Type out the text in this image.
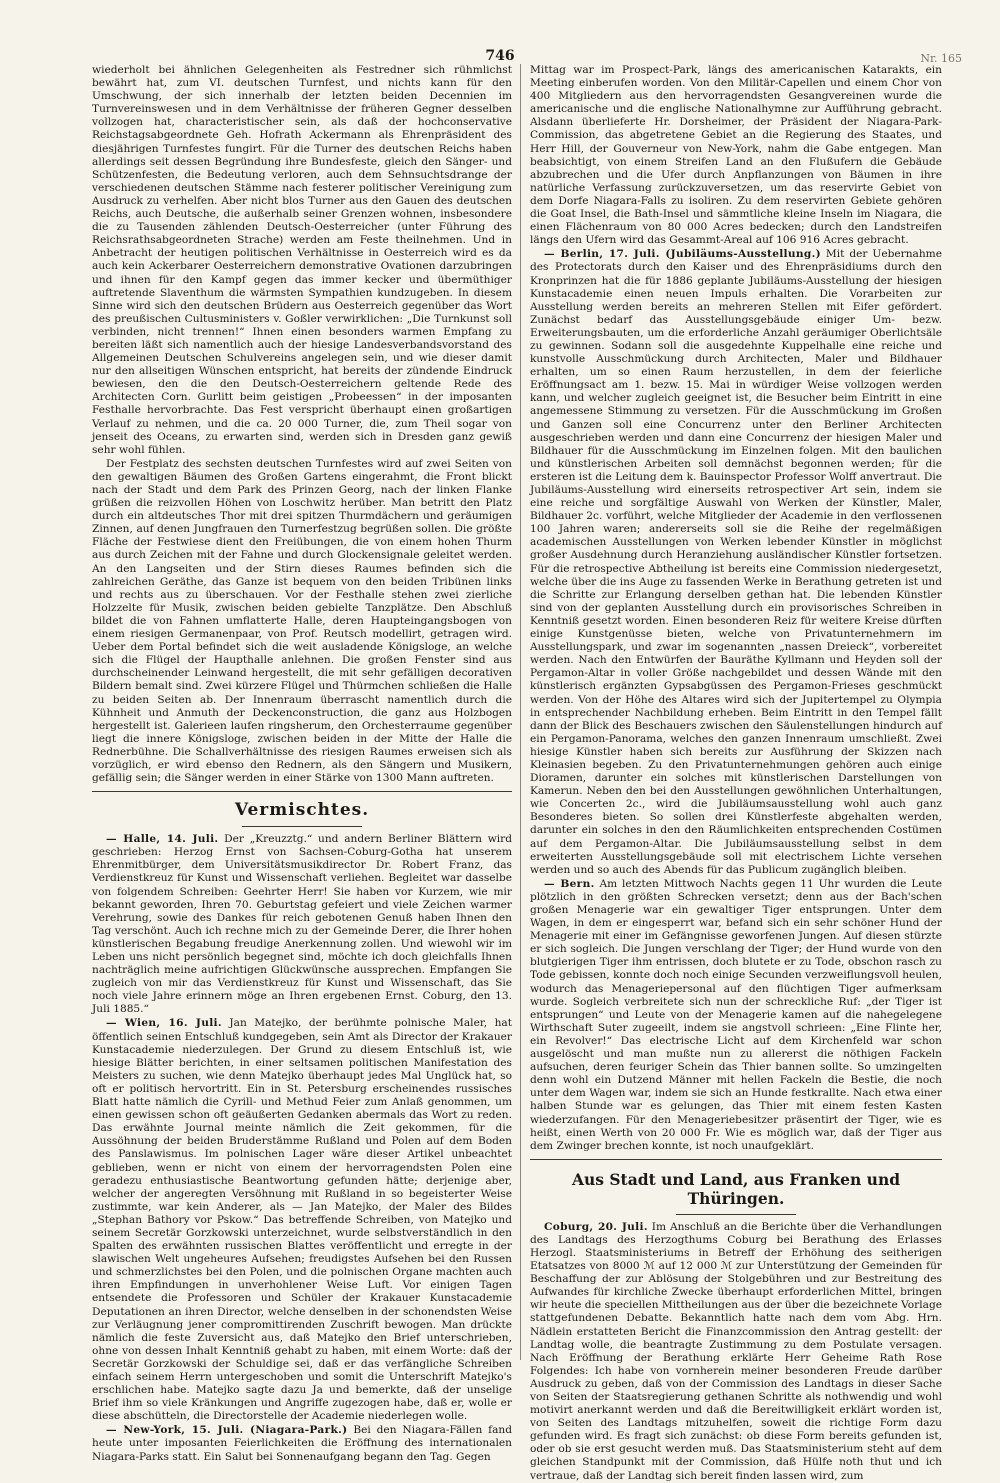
746	Nr. 165

wiederholt bei ähnlichen Gelegenheiten als Festredner sich rühmlichst bewährt hat, zum VI. deutschen Turnfest, und nichts kann für den Umschwung, der sich innerhalb der letzten beiden Decennien im Turnvereinswesen und in dem Verhältnisse der früheren Gegner desselben vollzogen hat, characteristischer sein, als daß der hochconservative Reichstagsabgeordnete Geh. Hofrath Ackermann als Ehrenpräsident des diesjährigen Turnfestes fungirt. Für die Turner des deutschen Reichs haben allerdings seit dessen Begründung ihre Bundesfeste, gleich den Sänger- und Schützenfesten, die Bedeutung verloren, auch dem Sehnsuchtsdrange der verschiedenen deutschen Stämme nach festerer politischer Vereinigung zum Ausdruck zu verhelfen. Aber nicht blos Turner aus den Gauen des deutschen Reichs, auch Deutsche, die außerhalb seiner Grenzen wohnen, insbesondere die zu Tausenden zählenden Deutsch-Oesterreicher (unter Führung des Reichsrathsabgeordneten Strache) werden am Feste theilnehmen. Und in Anbetracht der heutigen politischen Verhältnisse in Oesterreich wird es da auch kein Ackerbarer Oesterreichern demonstrative Ovationen darzubringen und ihnen für den Kampf gegen das immer kecker und übermüthiger auftretende Slaventhum die wärmsten Sympathien kundzugeben. In diesem Sinne wird sich den deutschen Brüdern aus Oesterreich gegenüber das Wort des preußischen Cultusministers v. Goßler verwirklichen: „Die Turnkunst soll verbinden, nicht trennen!“ Ihnen einen besonders warmen Empfang zu bereiten läßt sich namentlich auch der hiesige Landesverbandsvorstand des Allgemeinen Deutschen Schulvereins angelegen sein, und wie dieser damit nur den allseitigen Wünschen entspricht, hat bereits der zündende Eindruck bewiesen, den die den Deutsch-Oesterreichern geltende Rede des Architecten Corn. Gurlitt beim geistigen „Probeessen“ in der imposanten Festhalle hervorbrachte. Das Fest verspricht überhaupt einen großartigen Verlauf zu nehmen, und die ca. 20 000 Turner, die, zum Theil sogar von jenseit des Oceans, zu erwarten sind, werden sich in Dresden ganz gewiß sehr wohl fühlen.

Der Festplatz des sechsten deutschen Turnfestes wird auf zwei Seiten von den gewaltigen Bäumen des Großen Gartens eingerahmt, die Front blickt nach der Stadt und dem Park des Prinzen Georg, nach der linken Flanke grüßen die reizvollen Höhen von Loschwitz herüber. Man betritt den Platz durch ein altdeutsches Thor mit drei spitzen Thurmdächern und geräumigen Zinnen, auf denen Jungfrauen den Turnerfestzug begrüßen sollen. Die größte Fläche der Festwiese dient den Freiübungen, die von einem hohen Thurm aus durch Zeichen mit der Fahne und durch Glockensignale geleitet werden. An den Langseiten und der Stirn dieses Raumes befinden sich die zahlreichen Geräthe, das Ganze ist bequem von den beiden Tribünen links und rechts aus zu überschauen. Vor der Festhalle stehen zwei zierliche Holzzelte für Musik, zwischen beiden gebielte Tanzplätze. Den Abschluß bildet die von Fahnen umflatterte Halle, deren Haupteingangsbogen von einem riesigen Germanenpaar, von Prof. Reutsch modellirt, getragen wird. Ueber dem Portal befindet sich die weit ausladende Königsloge, an welche sich die Flügel der Haupthalle anlehnen. Die großen Fenster sind aus durchscheinender Leinwand hergestellt, die mit sehr gefälligen decorativen Bildern bemalt sind. Zwei kürzere Flügel und Thürmchen schließen die Halle zu beiden Seiten ab. Der Innenraum überrascht namentlich durch die Kühnheit und Anmuth der Deckenconstruction, die ganz aus Holzbogen hergestellt ist. Galerieen laufen ringsherum, den Orchesterraume gegenüber liegt die innere Königsloge, zwischen beiden in der Mitte der Halle die Rednerbühne. Die Schallverhältnisse des riesigen Raumes erweisen sich als vorzüglich, er wird ebenso den Rednern, als den Sängern und Musikern, gefällig sein; die Sänger werden in einer Stärke von 1300 Mann auftreten.

Vermischtes.

— Halle, 14. Juli. Der „Kreuzztg.“ und andern Berliner Blättern wird geschrieben: Herzog Ernst von Sachsen-Coburg-Gotha hat unserem Ehrenmitbürger, dem Universitätsmusikdirector Dr. Robert Franz, das Verdienstkreuz für Kunst und Wissenschaft verliehen. Begleitet war dasselbe von folgendem Schreiben: Geehrter Herr! Sie haben vor Kurzem, wie mir bekannt geworden, Ihren 70. Geburtstag gefeiert und viele Zeichen warmer Verehrung, sowie des Dankes für reich gebotenen Genuß haben Ihnen den Tag verschönt. Auch ich rechne mich zu der Gemeinde Derer, die Ihrer hohen künstlerischen Begabung freudige Anerkennung zollen. Und wiewohl wir im Leben uns nicht persönlich begegnet sind, möchte ich doch gleichfalls Ihnen nachträglich meine aufrichtigen Glückwünsche aussprechen. Empfangen Sie zugleich von mir das Verdienstkreuz für Kunst und Wissenschaft, das Sie noch viele Jahre erinnern möge an Ihren ergebenen Ernst. Coburg, den 13. Juli 1885.“

— Wien, 16. Juli. Jan Matejko, der berühmte polnische Maler, hat öffentlich seinen Entschluß kundgegeben, sein Amt als Director der Krakauer Kunstacademie niederzulegen. Der Grund zu diesem Entschluß ist, wie hiesige Blätter berichten, in einer seltsamen politischen Manifestation des Meisters zu suchen, wie denn Matejko überhaupt jedes Mal Unglück hat, so oft er politisch hervortritt. Ein in St. Petersburg erscheinendes russisches Blatt hatte nämlich die Cyrill- und Methud Feier zum Anlaß genommen, um einen gewissen schon oft geäußerten Gedanken abermals das Wort zu reden. Das erwähnte Journal meinte nämlich die Zeit gekommen, für die Aussöhnung der beiden Bruderstämme Rußland und Polen auf dem Boden des Panslawismus. Im polnischen Lager wäre dieser Artikel unbeachtet geblieben, wenn er nicht von einem der hervorragendsten Polen eine geradezu enthusiastische Beantwortung gefunden hätte; derjenige aber, welcher der angeregten Versöhnung mit Rußland in so begeisterter Weise zustimmte, war kein Anderer, als — Jan Matejko, der Maler des Bildes „Stephan Bathory vor Pskow.“ Das betreffende Schreiben, von Matejko und seinem Secretär Gorzkowski unterzeichnet, wurde selbstverständlich in den Spalten des erwähnten russischen Blattes veröffentlicht und erregte in der slawischen Welt ungeheures Aufsehen; freudigstes Aufsehen bei den Russen und schmerzlichstes bei den Polen, und die polnischen Organe machten auch ihren Empfindungen in unverhohlener Weise Luft. Vor einigen Tagen entsendete die Professoren und Schüler der Krakauer Kunstacademie Deputationen an ihren Director, welche denselben in der schonendsten Weise zur Verläugnung jener compromittirenden Zuschrift bewogen. Man drückte nämlich die feste Zuversicht aus, daß Matejko den Brief unterschrieben, ohne von dessen Inhalt Kenntniß gehabt zu haben, mit einem Worte: daß der Secretär Gorzkowski der Schuldige sei, daß er das verfängliche Schreiben einfach seinem Herrn untergeschoben und somit die Unterschrift Matejko's erschlichen habe. Matejko sagte dazu Ja und bemerkte, daß der unselige Brief ihm so viele Kränkungen und Angriffe zugezogen habe, daß er, wolle er diese abschütteln, die Directorstelle der Academie niederlegen wolle.

— New-York, 15. Juli. (Niagara-Park.) Bei den Niagara-Fällen fand heute unter imposanten Feierlichkeiten die Eröffnung des internationalen Niagara-Parks statt. Ein Salut bei Sonnenaufgang begann den Tag. Gegen

Mittag war im Prospect-Park, längs des americanischen Katarakts, ein Meeting einberufen worden. Von den Militär-Capellen und einem Chor von 400 Mitgliedern aus den hervorragendsten Gesangvereinen wurde die americanische und die englische Nationalhymne zur Aufführung gebracht. Alsdann überlieferte Hr. Dorsheimer, der Präsident der Niagara-Park-Commission, das abgetretene Gebiet an die Regierung des Staates, und Herr Hill, der Gouverneur von New-York, nahm die Gabe entgegen. Man beabsichtigt, von einem Streifen Land an den Flußufern die Gebäude abzubrechen und die Ufer durch Anpflanzungen von Bäumen in ihre natürliche Verfassung zurückzuversetzen, um das reservirte Gebiet von dem Dorfe Niagara-Falls zu isoliren. Zu dem reservirten Gebiete gehören die Goat Insel, die Bath-Insel und sämmtliche kleine Inseln im Niagara, die einen Flächenraum von 80 000 Acres bedecken; durch den Landstreifen längs den Ufern wird das Gesammt-Areal auf 106 916 Acres gebracht.

— Berlin, 17. Juli. (Jubiläums-Ausstellung.) Mit der Uebernahme des Protectorats durch den Kaiser und des Ehrenpräsidiums durch den Kronprinzen hat die für 1886 geplante Jubiläums-Ausstellung der hiesigen Kunstacademie einen neuen Impuls erhalten. Die Vorarbeiten zur Ausstellung werden bereits an mehreren Stellen mit Eifer gefördert. Zunächst bedarf das Ausstellungsgebäude einiger Um- bezw. Erweiterungsbauten, um die erforderliche Anzahl geräumiger Oberlichtsäle zu gewinnen. Sodann soll die ausgedehnte Kuppelhalle eine reiche und kunstvolle Ausschmückung durch Architecten, Maler und Bildhauer erhalten, um so einen Raum herzustellen, in dem der feierliche Eröffnungsact am 1. bezw. 15. Mai in würdiger Weise vollzogen werden kann, und welcher zugleich geeignet ist, die Besucher beim Eintritt in eine angemessene Stimmung zu versetzen. Für die Ausschmückung im Großen und Ganzen soll eine Concurrenz unter den Berliner Architecten ausgeschrieben werden und dann eine Concurrenz der hiesigen Maler und Bildhauer für die Ausschmückung im Einzelnen folgen. Mit den baulichen und künstlerischen Arbeiten soll demnächst begonnen werden; für die ersteren ist die Leitung dem k. Bauinspector Professor Wolff anvertraut. Die Jubiläums-Ausstellung wird einerseits retrospectiver Art sein, indem sie eine reiche und sorgfältige Auswahl von Werken der Künstler, Maler, Bildhauer 2c. vorführt, welche Mitglieder der Academie in den verflossenen 100 Jahren waren; andererseits soll sie die Reihe der regelmäßigen academischen Ausstellungen von Werken lebender Künstler in möglichst großer Ausdehnung durch Heranziehung ausländischer Künstler fortsetzen. Für die retrospective Abtheilung ist bereits eine Commission niedergesetzt, welche über die ins Auge zu fassenden Werke in Berathung getreten ist und die Schritte zur Erlangung derselben gethan hat. Die lebenden Künstler sind von der geplanten Ausstellung durch ein provisorisches Schreiben in Kenntniß gesetzt worden. Einen besonderen Reiz für weitere Kreise dürften einige Kunstgenüsse bieten, welche von Privatunternehmern im Ausstellungspark, und zwar im sogenannten „nassen Dreieck“, vorbereitet werden. Nach den Entwürfen der Bauräthe Kyllmann und Heyden soll der Pergamon-Altar in voller Größe nachgebildet und dessen Wände mit den künstlerisch ergänzten Gypsabgüssen des Pergamon-Frieses geschmückt werden. Von der Höhe des Altares wird sich der Jupitertempel zu Olympia in entsprechender Nachbildung erheben. Beim Eintritt in den Tempel fällt dann der Blick des Beschauers zwischen den Säulenstellungen hindurch auf ein Pergamon-Panorama, welches den ganzen Innenraum umschließt. Zwei hiesige Künstler haben sich bereits zur Ausführung der Skizzen nach Kleinasien begeben. Zu den Privatunternehmungen gehören auch einige Dioramen, darunter ein solches mit künstlerischen Darstellungen von Kamerun. Neben den bei den Ausstellungen gewöhnlichen Unterhaltungen, wie Concerten 2c., wird die Jubiläumsausstellung wohl auch ganz Besonderes bieten. So sollen drei Künstlerfeste abgehalten werden, darunter ein solches in den den Räumlichkeiten entsprechenden Costümen auf dem Pergamon-Altar. Die Jubiläumsausstellung selbst in dem erweiterten Ausstellungsgebäude soll mit electrischem Lichte versehen werden und so auch des Abends für das Publicum zugänglich bleiben.

— Bern. Am letzten Mittwoch Nachts gegen 11 Uhr wurden die Leute plötzlich in den größten Schrecken versetzt; denn aus der Bach'schen großen Menagerie war ein gewaltiger Tiger entsprungen. Unter dem Wagen, in dem er eingesperrt war, befand sich ein sehr schöner Hund der Menagerie mit einer im Gefängnisse geworfenen Jungen. Auf diesen stürzte er sich sogleich. Die Jungen verschlang der Tiger; der Hund wurde von den blutgierigen Tiger ihm entrissen, doch blutete er zu Tode, obschon rasch zu Tode gebissen, konnte doch noch einige Secunden verzweiflungsvoll heulen, wodurch das Menageriepersonal auf den flüchtigen Tiger aufmerksam wurde. Sogleich verbreitete sich nun der schreckliche Ruf: „der Tiger ist entsprungen“ und Leute von der Menagerie kamen auf die nahegelegene Wirthschaft Suter zugeeilt, indem sie angstvoll schrieen: „Eine Flinte her, ein Revolver!“ Das electrische Licht auf dem Kirchenfeld war schon ausgelöscht und man mußte nun zu allererst die nöthigen Fackeln aufsuchen, deren feuriger Schein das Thier bannen sollte. So umzingelten denn wohl ein Dutzend Männer mit hellen Fackeln die Bestie, die noch unter dem Wagen war, indem sie sich an Hunde festkrallte. Nach etwa einer halben Stunde war es gelungen, das Thier mit einem festen Kasten wiederzufangen. Für den Menageriebesitzer präsentirt der Tiger, wie es heißt, einen Werth von 20 000 Fr. Wie es möglich war, daß der Tiger aus dem Zwinger brechen konnte, ist noch unaufgeklärt.

Aus Stadt und Land, aus Franken und Thüringen.

Coburg, 20. Juli. Im Anschluß an die Berichte über die Verhandlungen des Landtags des Herzogthums Coburg bei Berathung des Erlasses Herzogl. Staatsministeriums in Betreff der Erhöhung des seitherigen Etatsatzes von 8000 ℳ auf 12 000 ℳ zur Unterstützung der Gemeinden für Beschaffung der zur Ablösung der Stolgebühren und zur Bestreitung des Aufwandes für kirchliche Zwecke überhaupt erforderlichen Mittel, bringen wir heute die speciellen Mittheilungen aus der über die bezeichnete Vorlage stattgefundenen Debatte. Bekanntlich hatte nach dem vom Abg. Hrn. Nädlein erstatteten Bericht die Finanzcommission den Antrag gestellt: der Landtag wolle, die beantragte Zustimmung zu dem Postulate versagen. Nach Eröffnung der Berathung erklärte Herr Geheime Rath Rose Folgendes: Ich habe von vornherein meiner besonderen Freude darüber Ausdruck zu geben, daß von der Commission des Landtags in dieser Sache von Seiten der Staatsregierung gethanen Schritte als nothwendig und wohl motivirt anerkannt werden und daß die Bereitwilligkeit erklärt worden ist, von Seiten des Landtags mitzuhelfen, soweit die richtige Form dazu gefunden wird. Es fragt sich zunächst: ob diese Form bereits gefunden ist, oder ob sie erst gesucht werden muß. Das Staatsministerium steht auf dem gleichen Standpunkt mit der Commission, daß Hülfe noth thut und ich vertraue, daß der Landtag sich bereit finden lassen wird, zum
